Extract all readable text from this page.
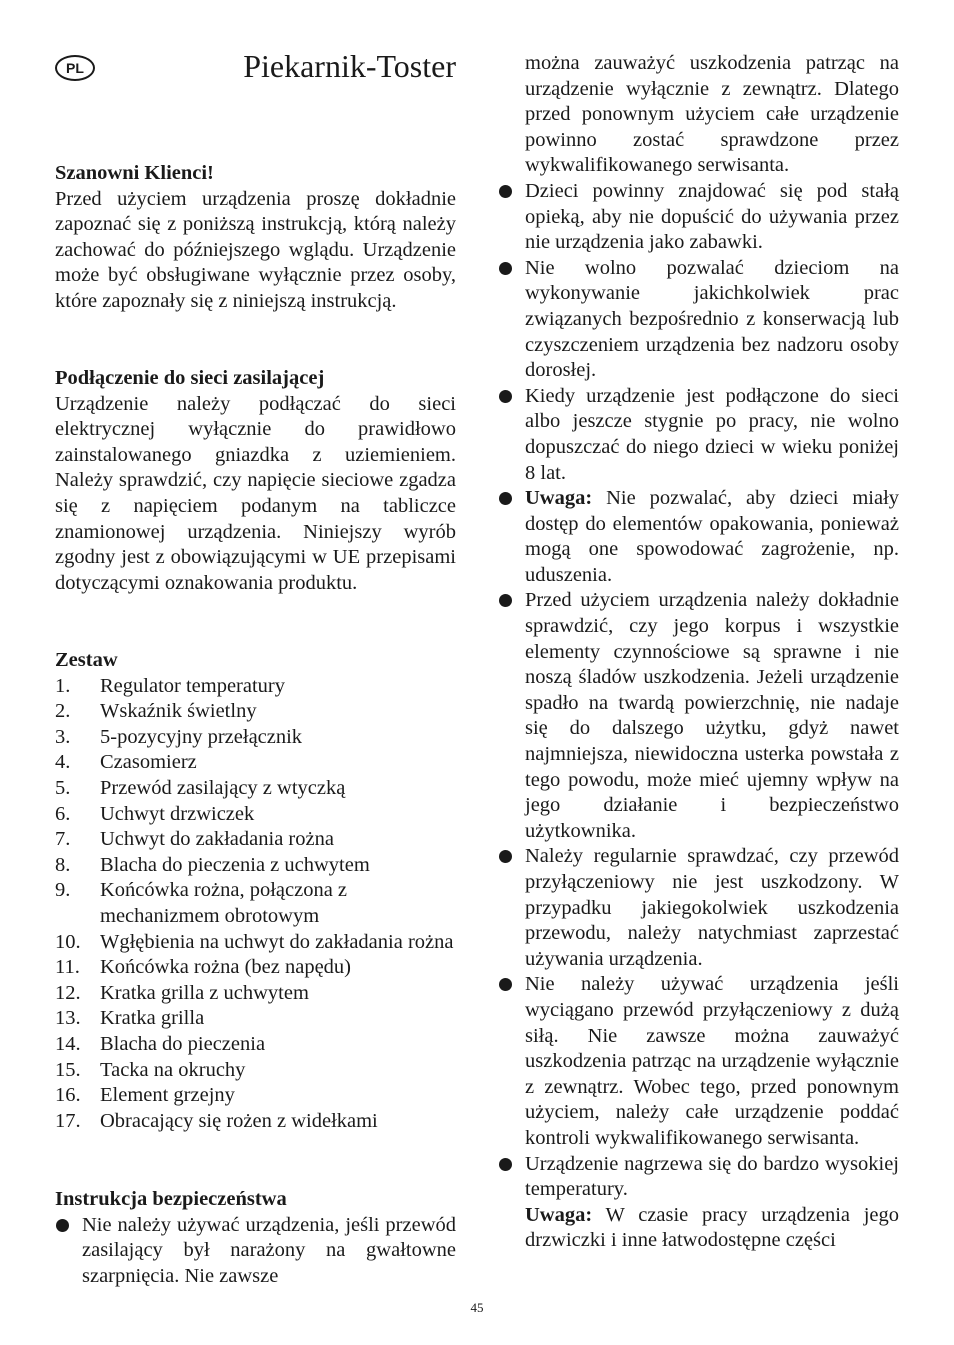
PL	Piekarnik-Toster

Szanowni Klienci!

Przed użyciem urządzenia proszę dokładnie zapoznać się z poniższą instrukcją, którą należy zachować do późniejszego wglądu. Urządzenie może być obsługiwane wyłącznie przez osoby, które zapoznały się z niniejszą instrukcją.

Podłączenie do sieci zasilającej

Urządzenie należy podłączać do sieci elektrycznej wyłącznie do prawidłowo zainstalowanego gniazdka z uziemieniem. Należy sprawdzić, czy napięcie sieciowe zgadza się z napięciem podanym na tabliczce znamionowej urządzenia. Niniejszy wyrób zgodny jest z obowiązującymi w UE przepisami dotyczącymi oznakowania produktu.

Zestaw

1.	Regulator temperatury
2.	Wskaźnik świetlny
3.	5-pozycyjny przełącznik
4.	Czasomierz
5.	Przewód zasilający z wtyczką
6.	Uchwyt drzwiczek
7.	Uchwyt do zakładania rożna
8.	Blacha do pieczenia z uchwytem
9.	Końcówka rożna, połączona z mechanizmem obrotowym
10. Wgłębienia na uchwyt do zakładania rożna
11. Końcówka rożna (bez napędu)
12. Kratka grilla z uchwytem
13. Kratka grilla
14. Blacha do pieczenia
15. Tacka na okruchy
16. Element grzejny
17. Obracający się rożen z widełkami

Instrukcja bezpieczeństwa

Nie należy używać urządzenia, jeśli przewód zasilający był narażony na gwałtowne szarpnięcia. Nie zawsze

można zauważyć uszkodzenia patrząc na urządzenie wyłącznie z zewnątrz. Dlatego przed ponownym użyciem całe urządzenie powinno zostać sprawdzone przez wykwalifikowanego serwisanta.

Dzieci powinny znajdować się pod stałą opieką, aby nie dopuścić do używania przez nie urządzenia jako zabawki.
Nie wolno pozwalać dzieciom na wykonywanie jakichkolwiek prac związanych bezpośrednio z konserwacją lub czyszczeniem urządzenia bez nadzoru osoby dorosłej.
Kiedy urządzenie jest podłączone do sieci albo jeszcze stygnie po pracy, nie wolno dopuszczać do niego dzieci w wieku poniżej 8 lat.
Uwaga: Nie pozwalać, aby dzieci miały dostęp do elementów opakowania, ponieważ mogą one spowodować zagrożenie, np. uduszenia.
Przed użyciem urządzenia należy dokładnie sprawdzić, czy jego korpus i wszystkie elementy czynnościowe są sprawne i nie noszą śladów uszkodzenia. Jeżeli urządzenie spadło na twardą powierzchnię, nie nadaje się do dalszego użytku, gdyż nawet najmniejsza, niewidoczna usterka powstała z tego powodu, może mieć ujemny wpływ na jego działanie i bezpieczeństwo użytkownika.
Należy regularnie sprawdzać, czy przewód przyłączeniowy nie jest uszkodzony. W przypadku jakiegokolwiek uszkodzenia przewodu, należy natychmiast zaprzestać używania urządzenia.
Nie należy używać urządzenia jeśli wyciągano przewód przyłączeniowy z dużą siłą. Nie zawsze można zauważyć uszkodzenia patrząc na urządzenie wyłącznie z zewnątrz. Wobec tego, przed ponownym użyciem, należy całe urządzenie poddać kontroli wykwalifikowanego serwisanta.
Urządzenie nagrzewa się do bardzo wysokiej temperatury.
Uwaga: W czasie pracy urządzenia jego drzwiczki i inne łatwodostępne części
45
